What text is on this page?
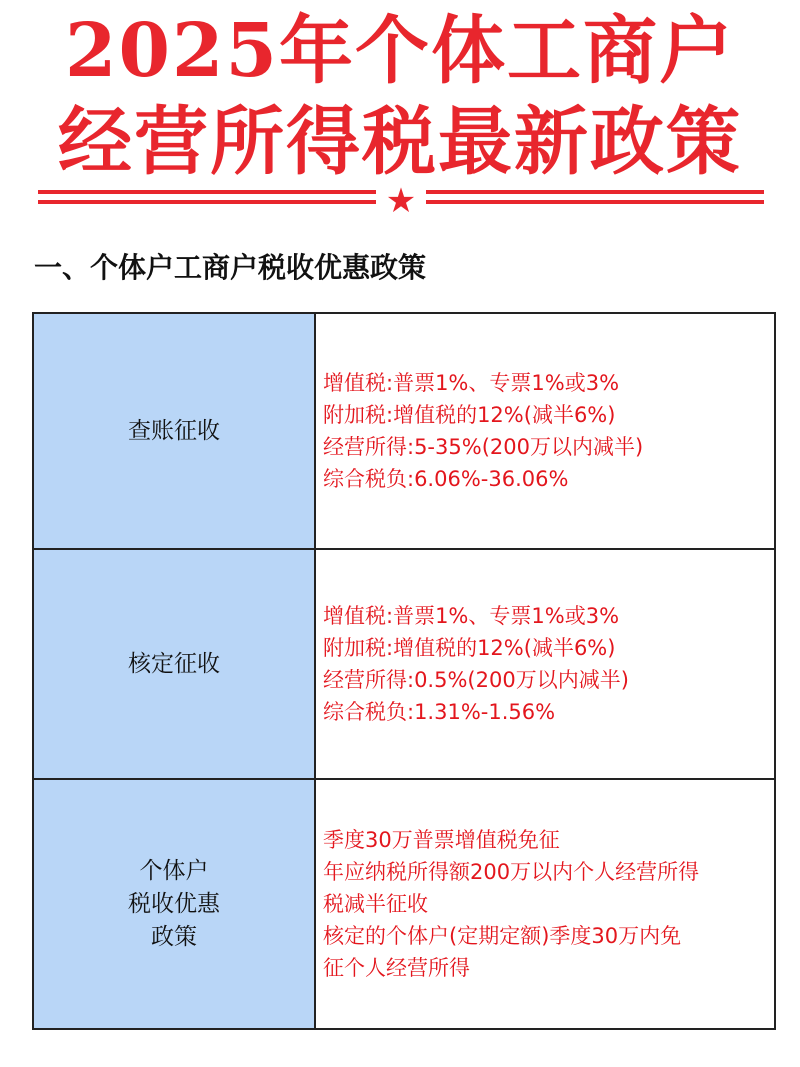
2025年个体工商户
经营所得税最新政策
★
一、个体户工商户税收优惠政策
查账征收	增值税:普票1%、专票1%或3%
附加税:增值税的12%(减半6%)
经营所得:5-35%(200万以内减半)
综合税负:6.06%-36.06%

核定征收	增值税:普票1%、专票1%或3%
附加税:增值税的12%(减半6%)
经营所得:0.5%(200万以内减半)
综合税负:1.31%-1.56%

个体户
税收优惠
政策	季度30万普票增值税免征
年应纳税所得额200万以内个人经营所得
税减半征收
核定的个体户(定期定额)季度30万内免
征个人经营所得
